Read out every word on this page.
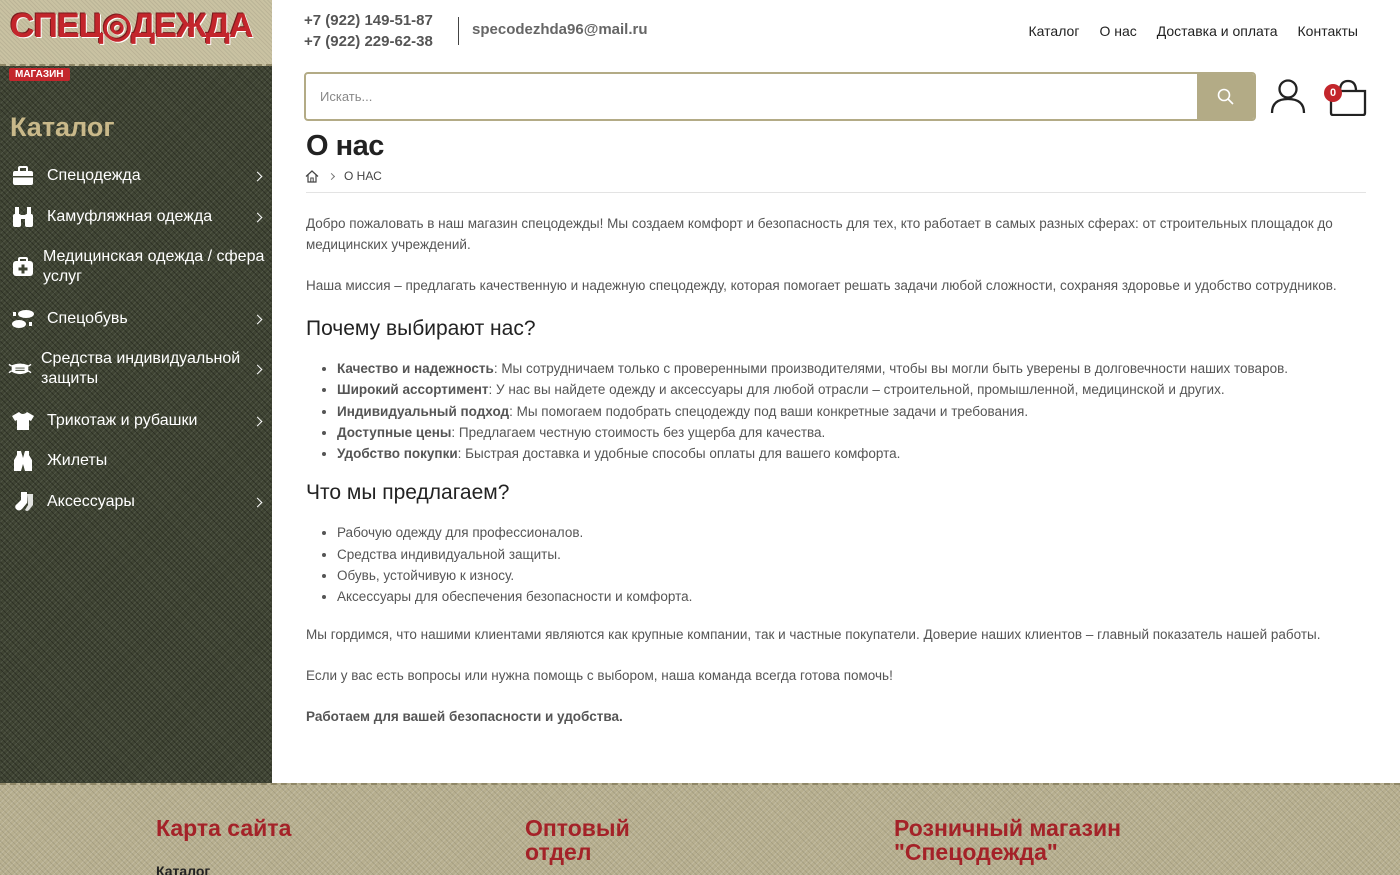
СПЕЦ◎ДЕЖДА
МАГАЗИН
Каталог
Спецодежда
Камуфляжная одежда
Медицинская одежда / сфера услуг
Спецобувь
Средства индивидуальной защиты
Трикотаж и рубашки
Жилеты
Аксессуары
+7 (922) 149-51-87
+7 (922) 229-62-38
specodezhda96@mail.ru	Каталог О нас Доставка и оплата Контакты
Искать...
0
О нас
О НАС

Добро пожаловать в наш магазин спецодежды! Мы создаем комфорт и безопасность для тех, кто работает в самых разных сферах: от строительных площадок до медицинских учреждений.

Наша миссия – предлагать качественную и надежную спецодежду, которая помогает решать задачи любой сложности, сохраняя здоровье и удобство сотрудников.

Почему выбирают нас?
• Качество и надежность: Мы сотрудничаем только с проверенными производителями, чтобы вы могли быть уверены в долговечности наших товаров.
• Широкий ассортимент: У нас вы найдете одежду и аксессуары для любой отрасли – строительной, промышленной, медицинской и других.
• Индивидуальный подход: Мы помогаем подобрать спецодежду под ваши конкретные задачи и требования.
• Доступные цены: Предлагаем честную стоимость без ущерба для качества.
• Удобство покупки: Быстрая доставка и удобные способы оплаты для вашего комфорта.
Что мы предлагаем?
• Рабочую одежду для профессионалов.
• Средства индивидуальной защиты.
• Обувь, устойчивую к износу.
• Аксессуары для обеспечения безопасности и комфорта.

Мы гордимся, что нашими клиентами являются как крупные компании, так и частные покупатели. Доверие наших клиентов – главный показатель нашей работы.

Если у вас есть вопросы или нужна помощь с выбором, наша команда всегда готова помочь!

Работаем для вашей безопасности и удобства.

Карта сайта
Каталог
Оптовый
отдел
Розничный магазин
"Спецодежда"
